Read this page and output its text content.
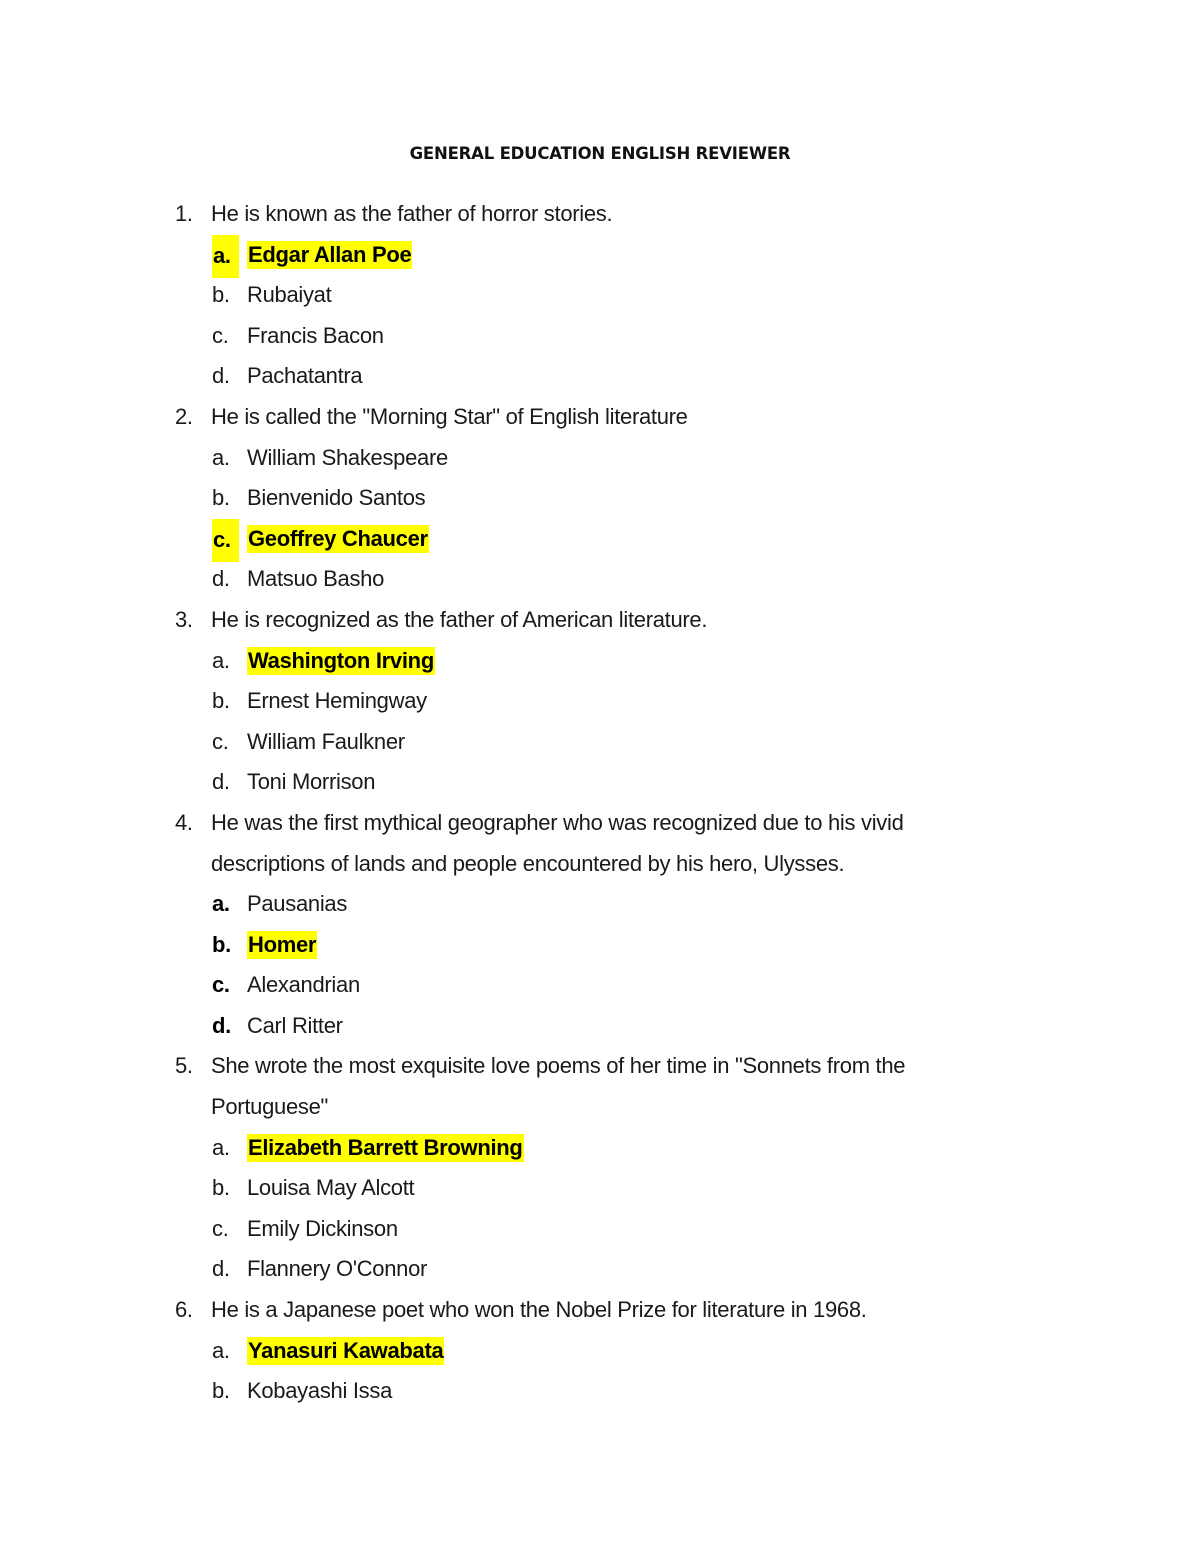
GENERAL EDUCATION ENGLISH REVIEWER
1. He is known as the father of horror stories.
a. Edgar Allan Poe
b. Rubaiyat
c. Francis Bacon
d. Pachatantra
2. He is called the "Morning Star" of English literature
a. William Shakespeare
b. Bienvenido Santos
c. Geoffrey Chaucer
d. Matsuo Basho
3. He is recognized as the father of American literature.
a. Washington Irving
b. Ernest Hemingway
c. William Faulkner
d. Toni Morrison
4. He was the first mythical geographer who was recognized due to his vivid
descriptions of lands and people encountered by his hero, Ulysses.
a. Pausanias
b. Homer
c. Alexandrian
d. Carl Ritter
5. She wrote the most exquisite love poems of her time in "Sonnets from the
Portuguese"
a. Elizabeth Barrett Browning
b. Louisa May Alcott
c. Emily Dickinson
d. Flannery O'Connor
6. He is a Japanese poet who won the Nobel Prize for literature in 1968.
a. Yanasuri Kawabata
b. Kobayashi Issa
